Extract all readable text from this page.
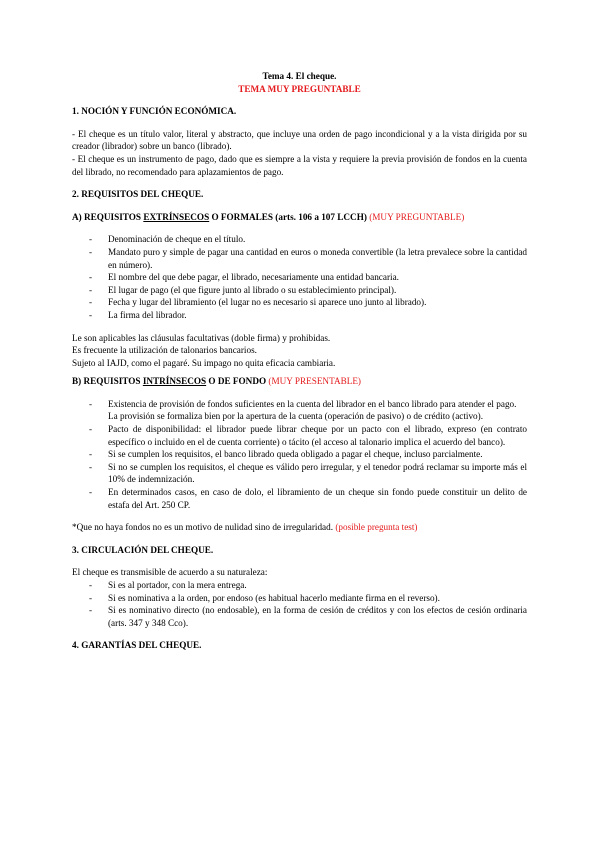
Tema 4. El cheque.
TEMA MUY PREGUNTABLE
1. NOCIÓN Y FUNCIÓN ECONÓMICA.
- El cheque es un título valor, literal y abstracto, que incluye una orden de pago incondicional y a la vista dirigida por su creador (librador) sobre un banco (librado).
- El cheque es un instrumento de pago, dado que es siempre a la vista y requiere la previa provisión de fondos en la cuenta del librado, no recomendado para aplazamientos de pago.
2. REQUISITOS DEL CHEQUE.
A) REQUISITOS EXTRÍNSECOS O FORMALES (arts. 106 a 107 LCCH) (MUY PREGUNTABLE)
- Denominación de cheque en el título.
- Mandato puro y simple de pagar una cantidad en euros o moneda convertible (la letra prevalece sobre la cantidad en número).
- El nombre del que debe pagar, el librado, necesariamente una entidad bancaria.
- El lugar de pago (el que figure junto al librado o su establecimiento principal).
- Fecha y lugar del libramiento (el lugar no es necesario si aparece uno junto al librado).
- La firma del librador.
Le son aplicables las cláusulas facultativas (doble firma) y prohibidas.
Es frecuente la utilización de talonarios bancarios.
Sujeto al IAJD, como el pagaré. Su impago no quita eficacia cambiaria.
B) REQUISITOS INTRÍNSECOS O DE FONDO (MUY PRESENTABLE)
- Existencia de provisión de fondos suficientes en la cuenta del librador en el banco librado para atender el pago.
La provisión se formaliza bien por la apertura de la cuenta (operación de pasivo) o de crédito (activo).
- Pacto de disponibilidad: el librador puede librar cheque por un pacto con el librado, expreso (en contrato específico o incluido en el de cuenta corriente) o tácito (el acceso al talonario implica el acuerdo del banco).
- Si se cumplen los requisitos, el banco librado queda obligado a pagar el cheque, incluso parcialmente.
- Si no se cumplen los requisitos, el cheque es válido pero irregular, y el tenedor podrá reclamar su importe más el 10% de indemnización.
- En determinados casos, en caso de dolo, el libramiento de un cheque sin fondo puede constituir un delito de estafa del Art. 250 CP.
*Que no haya fondos no es un motivo de nulidad sino de irregularidad. (posible pregunta test)
3. CIRCULACIÓN DEL CHEQUE.
El cheque es transmisible de acuerdo a su naturaleza:
- Si es al portador, con la mera entrega.
- Si es nominativa a la orden, por endoso (es habitual hacerlo mediante firma en el reverso).
- Si es nominativo directo (no endosable), en la forma de cesión de créditos y con los efectos de cesión ordinaria (arts. 347 y 348 Cco).
4. GARANTÍAS DEL CHEQUE.
